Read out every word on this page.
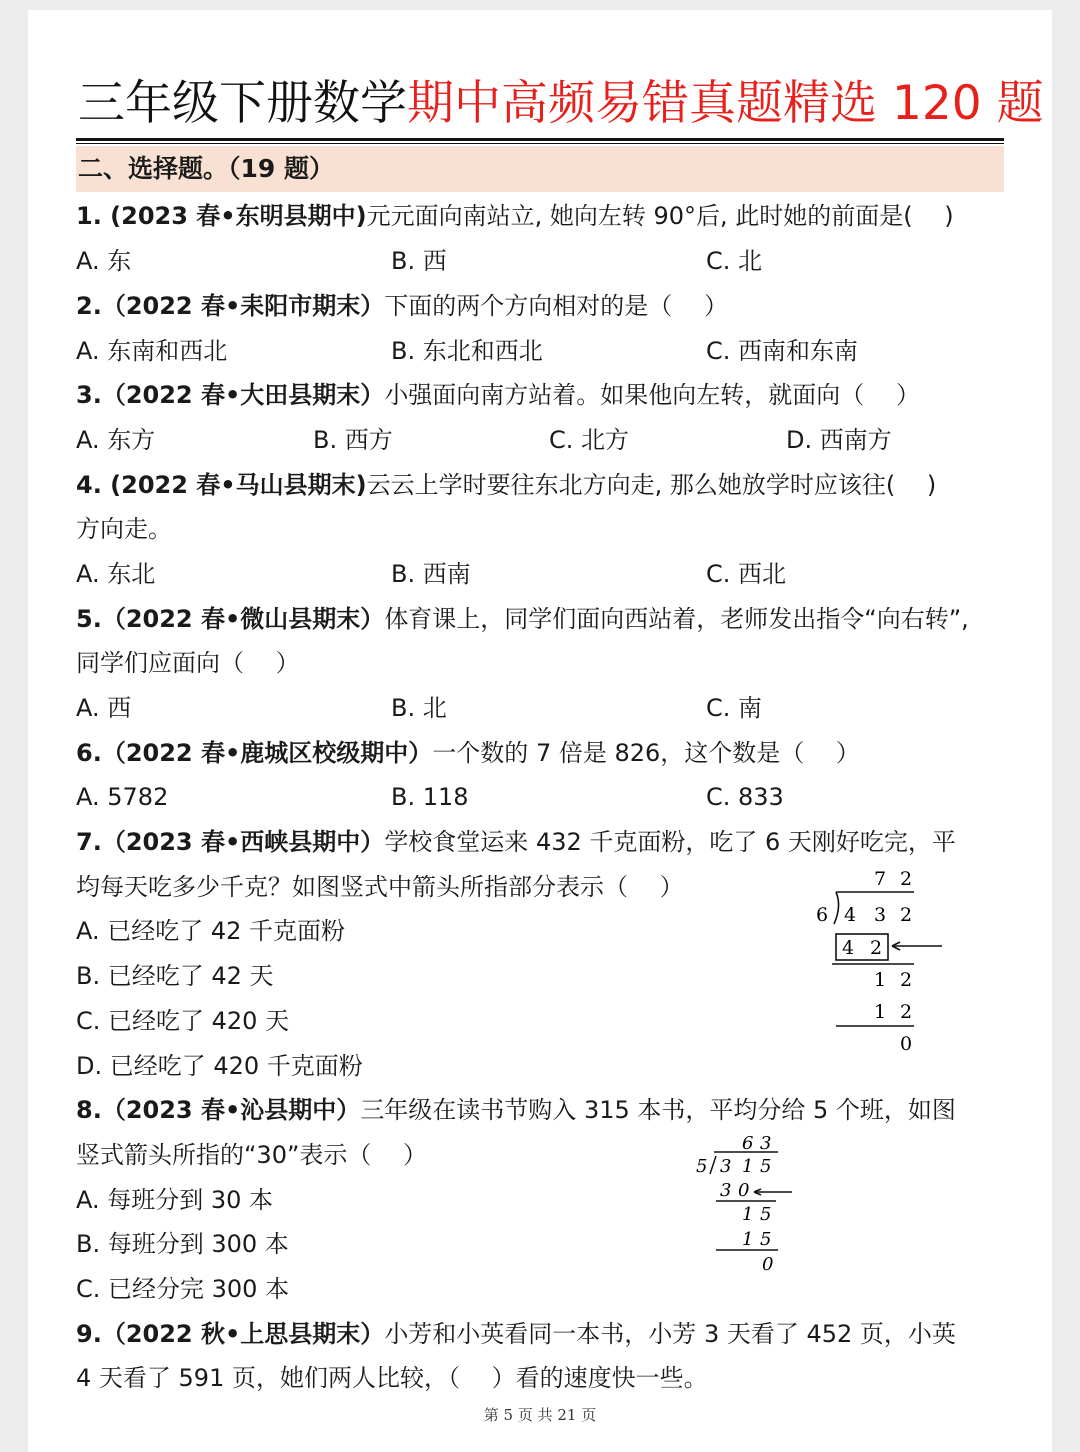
三年级下册数学期中高频易错真题精选 120 题
二、选择题。（19 题）
1. (2023 春•东明县期中)元元面向南站立, 她向左转 90°后, 此时她的前面是(　 )
A. 东	B. 西	C. 北
2.（2022 春•耒阳市期末）下面的两个方向相对的是（　 ）
A. 东南和西北	B. 东北和西北	C. 西南和东南
3.（2022 春•大田县期末）小强面向南方站着。如果他向左转，就面向（　 ）
A. 东方	B. 西方	C. 北方	D. 西南方
4. (2022 春•马山县期末)云云上学时要往东北方向走, 那么她放学时应该往(　 )
方向走。
A. 东北	B. 西南	C. 西北
5.（2022 春•微山县期末）体育课上，同学们面向西站着，老师发出指令“向右转”,
同学们应面向（　 ）
A. 西	B. 北	C. 南
6.（2022 春•鹿城区校级期中）一个数的 7 倍是 826，这个数是（　 ）
A. 5782	B. 118	C. 833
7.（2023 春•西峡县期中）学校食堂运来 432 千克面粉，吃了 6 天刚好吃完，平
均每天吃多少千克？如图竖式中箭头所指部分表示（　 ）
A. 已经吃了 42 千克面粉
B. 已经吃了 42 天
C. 已经吃了 420 天
D. 已经吃了 420 千克面粉
7 2
6 4 3 2
4 2
1 2
1 2
0
8.（2023 春•沁县期中）三年级在读书节购入 315 本书，平均分给 5 个班，如图
竖式箭头所指的“30”表示（　 ）
A. 每班分到 30 本
B. 每班分到 300 本
C. 已经分完 300 本
6 3
5 3 1 5
3 0
1 5
1 5
0
9.（2022 秋•上思县期末）小芳和小英看同一本书，小芳 3 天看了 452 页，小英
4 天看了 591 页，她们两人比较，（　 ）看的速度快一些。
第 5 页 共 21 页
